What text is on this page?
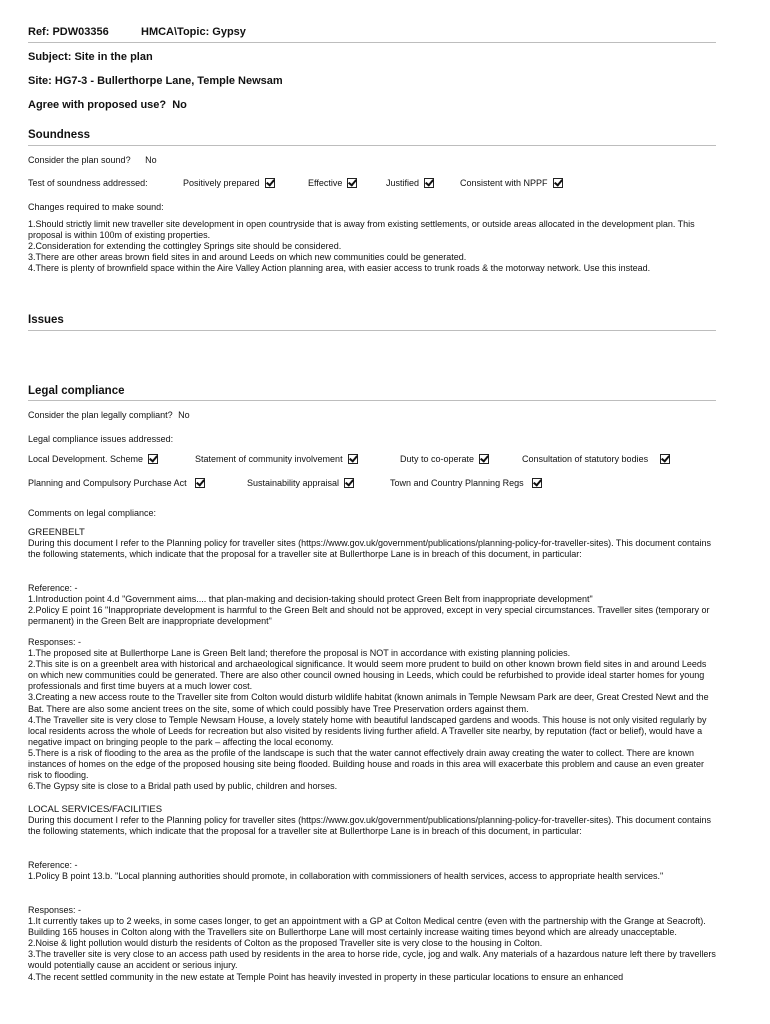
Ref: PDW03356	HMCA\Topic: Gypsy
Subject: Site in the plan
Site: HG7-3 - Bullerthorpe Lane, Temple Newsam
Agree with proposed use? No
Soundness
Consider the plan sound? No
Test of soundness addressed:	Positively prepared	Effective	Justified	Consistent with NPPF
Changes required to make sound:
1.Should strictly limit new traveller site development in open countryside that is away from existing settlements, or outside areas allocated in the development plan. This proposal is within 100m of existing properties.
2.Consideration for extending the cottingley Springs site should be considered.
3.There are other areas brown field sites in and around Leeds on which new communities could be generated.
4.There is plenty of brownfield space within the Aire Valley Action planning area, with easier access to trunk roads & the motorway network. Use this instead.
Issues
Legal compliance
Consider the plan legally compliant? No
Legal compliance issues addressed:
Local Development. Scheme	Statement of community involvement	Duty to co-operate	Consultation of statutory bodies
Planning and Compulsory Purchase Act	Sustainability appraisal	Town and Country Planning Regs
Comments on legal compliance:
GREENBELT
During this document I refer to the Planning policy for traveller sites (https://www.gov.uk/government/publications/planning-policy-for-traveller-sites). This document contains the following statements, which indicate that the proposal for a traveller site at Bullerthorpe Lane is in breach of this document, in particular:
Reference: -
1.Introduction point 4.d "Government aims.... that plan-making and decision-taking should protect Green Belt from inappropriate development"
2.Policy E point 16 "Inappropriate development is harmful to the Green Belt and should not be approved, except in very special circumstances. Traveller sites (temporary or permanent) in the Green Belt are inappropriate development"
Responses: -
1.The proposed site at Bullerthorpe Lane is Green Belt land; therefore the proposal is NOT in accordance with existing planning policies.
2.This site is on a greenbelt area with historical and archaeological significance. It would seem more prudent to build on other known brown field sites in and around Leeds on which new communities could be generated. There are also other council owned housing in Leeds, which could be refurbished to provide ideal starter homes for young professionals and first time buyers at a much lower cost.
3.Creating a new access route to the Traveller site from Colton would disturb wildlife habitat (known animals in Temple Newsam Park are deer, Great Crested Newt and the Bat. There are also some ancient trees on the site, some of which could possibly have Tree Preservation orders against them.
4.The Traveller site is very close to Temple Newsam House, a lovely stately home with beautiful landscaped gardens and woods. This house is not only visited regularly by local residents across the whole of Leeds for recreation but also visited by residents living further afield. A Traveller site nearby, by reputation (fact or belief), would have a negative impact on bringing people to the park – affecting the local economy.
5.There is a risk of flooding to the area as the profile of the landscape is such that the water cannot effectively drain away creating the water to collect. There are known instances of homes on the edge of the proposed housing site being flooded. Building house and roads in this area will exacerbate this problem and cause an even greater risk to flooding.
6.The Gypsy site is close to a Bridal path used by public, children and horses.
LOCAL SERVICES/FACILITIES
During this document I refer to the Planning policy for traveller sites (https://www.gov.uk/government/publications/planning-policy-for-traveller-sites). This document contains the following statements, which indicate that the proposal for a traveller site at Bullerthorpe Lane is in breach of this document, in particular:
Reference: -
1.Policy B point 13.b. "Local planning authorities should promote, in collaboration with commissioners of health services, access to appropriate health services."
Responses: -
1.It currently takes up to 2 weeks, in some cases longer, to get an appointment with a GP at Colton Medical centre (even with the partnership with the Grange at Seacroft). Building 165 houses in Colton along with the Travellers site on Bullerthorpe Lane will most certainly increase waiting times beyond which are already unacceptable.
2.Noise & light pollution would disturb the residents of Colton as the proposed Traveller site is very close to the housing in Colton.
3.The traveller site is very close to an access path used by residents in the area to horse ride, cycle, jog and walk. Any materials of a hazardous nature left there by travellers would potentially cause an accident or serious injury.
4.The recent settled community in the new estate at Temple Point has heavily invested in property in these particular locations to ensure an enhanced
